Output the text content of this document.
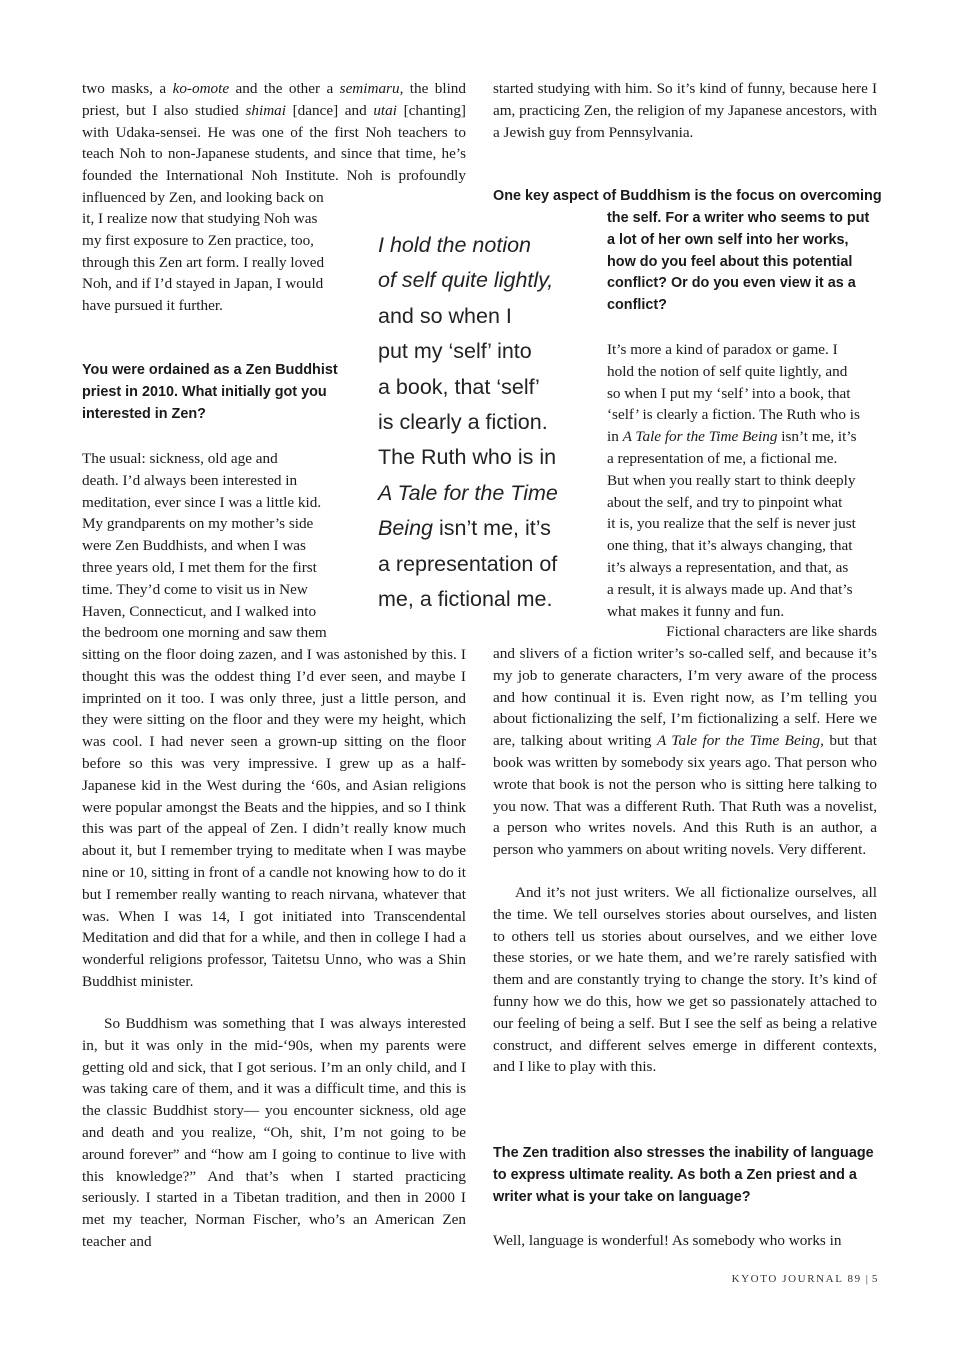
two masks, a ko-omote and the other a semimaru, the blind priest, but I also studied shimai [dance] and utai [chanting] with Udaka-sensei. He was one of the first Noh teachers to teach Noh to non-Japanese students, and since that time, he’s founded the International Noh Institute. Noh is profoundly influenced by Zen, and looking back on
it, I realize now that studying Noh was
my first exposure to Zen practice, too,
through this Zen art form. I really loved
Noh, and if I’d stayed in Japan, I would
have pursued it further.
You were ordained as a Zen Buddhist priest in 2010. What initially got you interested in Zen?
The usual: sickness, old age and
death. I’d always been interested in
meditation, ever since I was a little kid.
My grandparents on my mother’s side
were Zen Buddhists, and when I was
three years old, I met them for the first
time. They’d come to visit us in New
Haven, Connecticut, and I walked into
the bedroom one morning and saw them
sitting on the floor doing zazen, and I was astonished by this. I thought this was the oddest thing I’d ever seen, and maybe I imprinted on it too. I was only three, just a little person, and they were sitting on the floor and they were my height, which was cool. I had never seen a grown-up sitting on the floor before so this was very impressive. I grew up as a half-Japanese kid in the West during the ‘60s, and Asian religions were popular amongst the Beats and the hippies, and so I think this was part of the appeal of Zen. I didn’t really know much about it, but I remember trying to meditate when I was maybe nine or 10, sitting in front of a candle not knowing how to do it but I remember really wanting to reach nirvana, whatever that was. When I was 14, I got initiated into Transcendental Meditation and did that for a while, and then in college I had a wonderful religions professor, Taitetsu Unno, who was a Shin Buddhist minister.
So Buddhism was something that I was always interested in, but it was only in the mid-‘90s, when my parents were getting old and sick, that I got serious. I’m an only child, and I was taking care of them, and it was a difficult time, and this is the classic Buddhist story— you encounter sickness, old age and death and you realize, “Oh, shit, I’m not going to be around forever” and “how am I going to continue to live with this knowledge?” And that’s when I started practicing seriously. I started in a Tibetan tradition, and then in 2000 I met my teacher, Norman Fischer, who’s an American Zen teacher and
I hold the notion
of self quite lightly,
and so when I
put my ‘self’ into
a book, that ‘self’
is clearly a fiction.
The Ruth who is in
A Tale for the Time
Being isn’t me, it’s
a representation of
me, a fictional me.
started studying with him. So it’s kind of funny, because here I am, practicing Zen, the religion of my Japanese ancestors, with a Jewish guy from Pennsylvania.
One key aspect of Buddhism is the focus on overcoming
the self. For a writer who seems to put
a lot of her own self into her works,
how do you feel about this potential
conflict? Or do you even view it as a
conflict?
It’s more a kind of paradox or game. I
hold the notion of self quite lightly, and
so when I put my ‘self’ into a book, that
‘self’ is clearly a fiction. The Ruth who is
in A Tale for the Time Being isn’t me, it’s
a representation of me, a fictional me.
But when you really start to think deeply
about the self, and try to pinpoint what
it is, you realize that the self is never just
one thing, that it’s always changing, that
it’s always a representation, and that, as
a result, it is always made up. And that’s
what makes it funny and fun.
Fictional characters are like shards
and slivers of a fiction writer’s so-called self, and because it’s my job to generate characters, I’m very aware of the process and how continual it is. Even right now, as I’m telling you about fictionalizing the self, I’m fictionalizing a self. Here we are, talking about writing A Tale for the Time Being, but that book was written by somebody six years ago. That person who wrote that book is not the person who is sitting here talking to you now. That was a different Ruth. That Ruth was a novelist, a person who writes novels. And this Ruth is an author, a person who yammers on about writing novels. Very different.
And it’s not just writers. We all fictionalize ourselves, all the time. We tell ourselves stories about ourselves, and listen to others tell us stories about ourselves, and we either love these stories, or we hate them, and we’re rarely satisfied with them and are constantly trying to change the story. It’s kind of funny how we do this, how we get so passionately attached to our feeling of being a self. But I see the self as being a relative construct, and different selves emerge in different contexts, and I like to play with this.
The Zen tradition also stresses the inability of language to express ultimate reality. As both a Zen priest and a writer what is your take on language?
Well, language is wonderful! As somebody who works in
KYOTO JOURNAL 89 | 5
